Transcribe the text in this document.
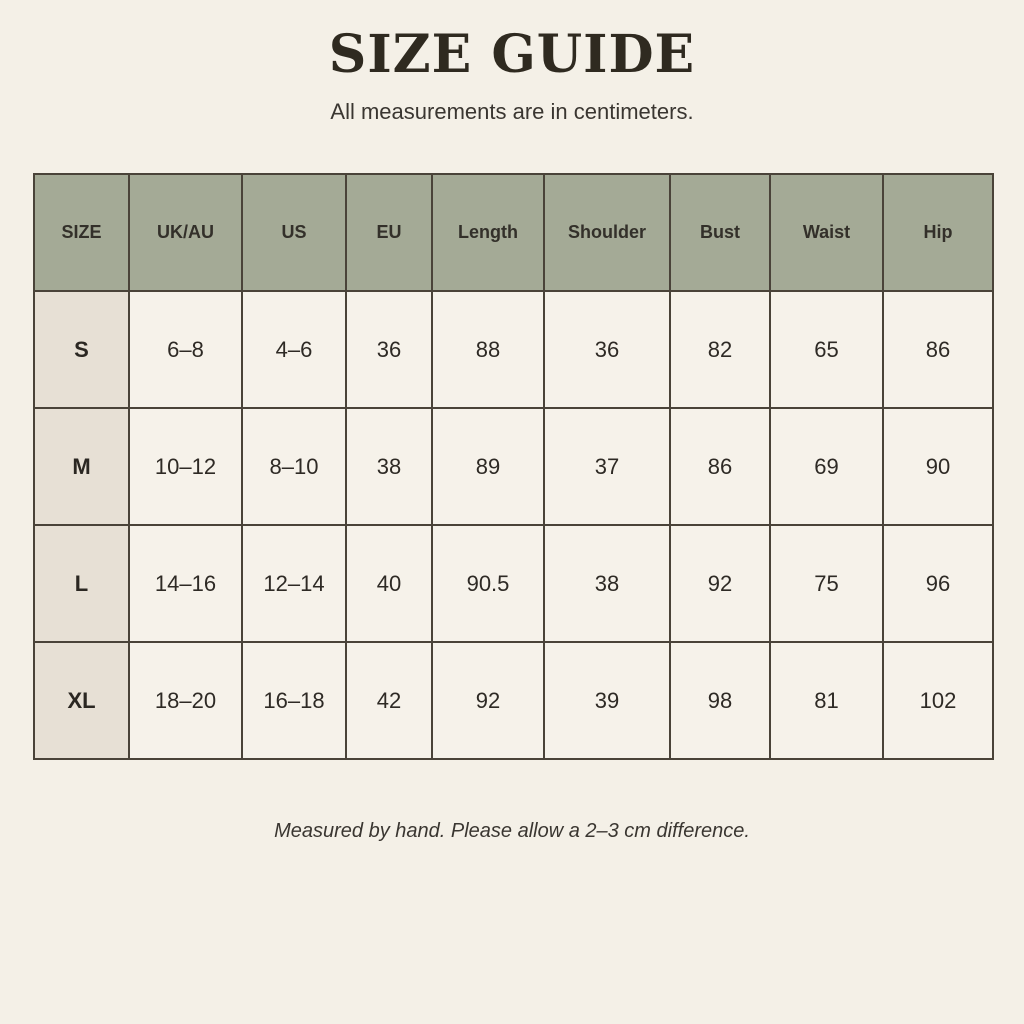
SIZE GUIDE
All measurements are in centimeters.
SIZE	UK/AU	US	EU	Length	Shoulder	Bust	Waist	Hip
S	6–8	4–6	36	88	36	82	65	86
M	10–12	8–10	38	89	37	86	69	90
L	14–16	12–14	40	90.5	38	92	75	96
XL	18–20	16–18	42	92	39	98	81	102
Measured by hand. Please allow a 2–3 cm difference.
